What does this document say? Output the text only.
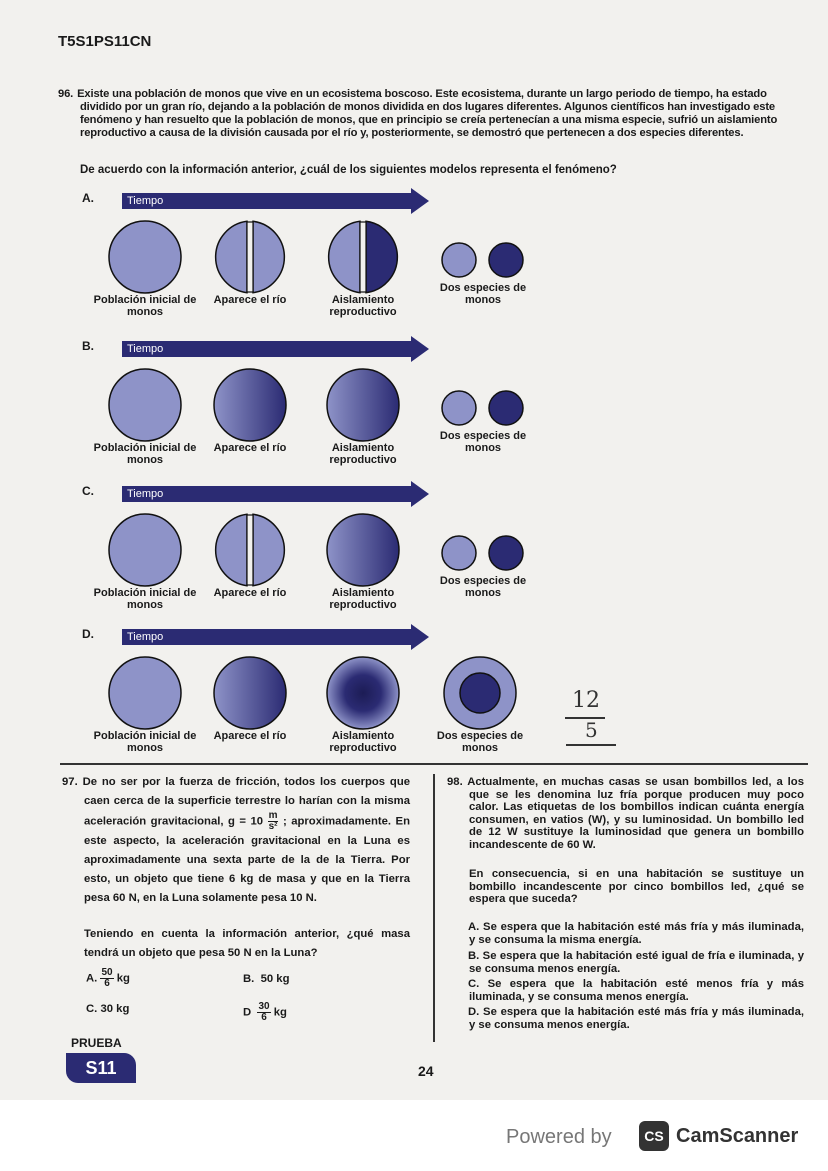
T5S1PS11CN
96. Existe una población de monos que vive en un ecosistema boscoso. Este ecosistema, durante un largo periodo de tiempo, ha estado dividido por un gran río, dejando a la población de monos dividida en dos lugares diferentes. Algunos científicos han investigado este fenómeno y han resuelto que la población de monos, que en principio se creía pertenecían a una misma especie, sufrió un aislamiento reproductivo a causa de la división causada por el río y, posteriormente, se demostró que pertenecen a dos especies diferentes.
De acuerdo con la información anterior, ¿cuál de los siguientes modelos representa el fenómeno?
A.	Tiempo
Población inicial de monos
Aparece el río	Aislamiento reproductivo
Dos especies de monos
B.	Tiempo
Población inicial de monos
Aparece el río	Aislamiento reproductivo
Dos especies de monos
C.	Tiempo
Población inicial de monos
Aparece el río	Aislamiento reproductivo
Dos especies de monos
D.	Tiempo
Población inicial de monos
Aparece el río	Aislamiento reproductivo
Dos especies de monos
12
5
97. De no ser por la fuerza de fricción, todos los cuerpos que caen cerca de la superficie terrestre lo harían con la misma aceleración gravitacional, $g = 10 \frac{m}{\text{s²}}$ ; aproximadamente. En este aspecto, la aceleración gravitacional en la Luna es aproximadamente una sexta parte de la de la Tierra. Por esto, un objeto que tiene 6 kg de masa y que en la Tierra pesa 60 N, en la Luna solamente pesa 10 N.
Teniendo en cuenta la información anterior, ¿qué masa tendrá un objeto que pesa 50 N en la Luna?
A. $\frac{50}{6}$ kg	B. 50 kg
C. 30 kg	D $\frac{30}{6}$ kg
98. Actualmente, en muchas casas se usan bombillos led, a los que se les denomina luz fría porque producen muy poco calor. Las etiquetas de los bombillos indican cuánta energía consumen, en vatios (W), y su luminosidad. Un bombillo led de 12 W sustituye la luminosidad que genera un bombillo incandescente de 60 W.
En consecuencia, si en una habitación se sustituye un bombillo incandescente por cinco bombillos led, ¿qué se espera que suceda?
A. Se espera que la habitación esté más fría y más iluminada, y se consuma la misma energía.
B. Se espera que la habitación esté igual de fría e iluminada, y se consuma menos energía.
C. Se espera que la habitación esté menos fría y más iluminada, y se consuma menos energía.
D. Se espera que la habitación esté más fría y más iluminada, y se consuma menos energía.
PRUEBA
S11	24
Powered by	CS CamScanner
